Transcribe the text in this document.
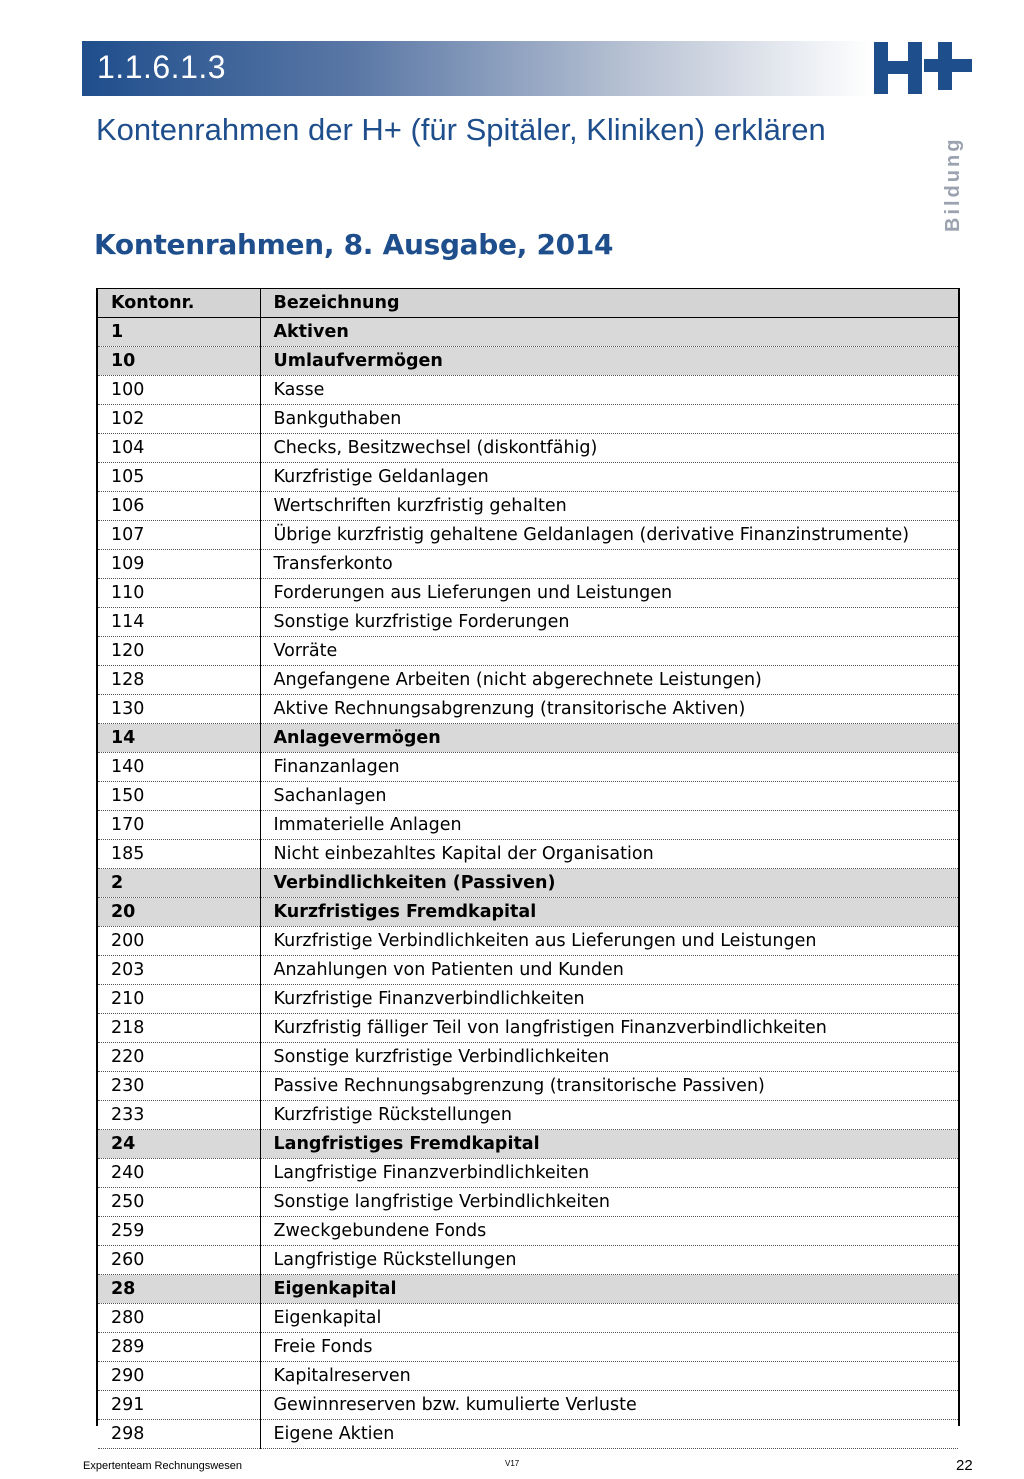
1.1.6.1.3
Bildung
Kontenrahmen der H+ (für Spitäler, Kliniken) erklären
Kontenrahmen, 8. Ausgabe, 2014
Kontonr.	Bezeichnung
1	Aktiven
10	Umlaufvermögen
100	Kasse
102	Bankguthaben
104	Checks, Besitzwechsel (diskontfähig)
105	Kurzfristige Geldanlagen
106	Wertschriften kurzfristig gehalten
107	Übrige kurzfristig gehaltene Geldanlagen (derivative Finanzinstrumente)
109	Transferkonto
110	Forderungen aus Lieferungen und Leistungen
114	Sonstige kurzfristige Forderungen
120	Vorräte
128	Angefangene Arbeiten (nicht abgerechnete Leistungen)
130	Aktive Rechnungsabgrenzung (transitorische Aktiven)
14	Anlagevermögen
140	Finanzanlagen
150	Sachanlagen
170	Immaterielle Anlagen
185	Nicht einbezahltes Kapital der Organisation
2	Verbindlichkeiten (Passiven)
20	Kurzfristiges Fremdkapital
200	Kurzfristige Verbindlichkeiten aus Lieferungen und Leistungen
203	Anzahlungen von Patienten und Kunden
210	Kurzfristige Finanzverbindlichkeiten
218	Kurzfristig fälliger Teil von langfristigen Finanzverbindlichkeiten
220	Sonstige kurzfristige Verbindlichkeiten
230	Passive Rechnungsabgrenzung (transitorische Passiven)
233	Kurzfristige Rückstellungen
24	Langfristiges Fremdkapital
240	Langfristige Finanzverbindlichkeiten
250	Sonstige langfristige Verbindlichkeiten
259	Zweckgebundene Fonds
260	Langfristige Rückstellungen
28	Eigenkapital
280	Eigenkapital
289	Freie Fonds
290	Kapitalreserven
291	Gewinnreserven bzw. kumulierte Verluste
298	Eigene Aktien
Expertenteam Rechnungswesen	V17	22
